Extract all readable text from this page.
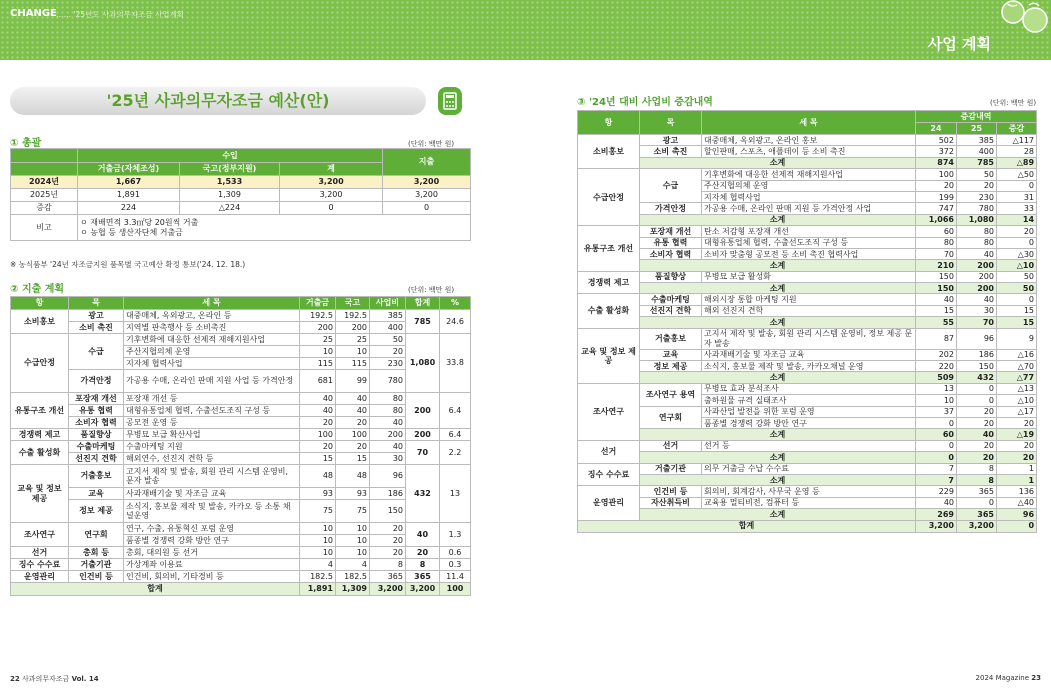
CHANGE …… '25년도 사과의무자조금 사업계획
사업 계획
'25년 사과의무자조금 예산(안)
① 총괄	(단위: 백만 원)
	수입			지출
	거출금(자체조성)	국고(정부지원)	계	
2024년	1,667	1,533	3,200	3,200
2025년	1,891	1,309	3,200	3,200
증감	224	△224	0	0
비고	ㅇ 재배면적 3.3㎡당 20원씩 거출
ㅇ 농협 등 생산자단체 거출금			
※ 농식품부 '24년 자조금지원 품목별 국고예산 확정 통보('24. 12. 18.)
② 지출 계획	(단위: 백만 원)
항	목	세 목	거출금	국고	사업비	합계	%
소비홍보	광고	대중매체, 옥외광고, 온라인 등	192.5	192.5	385	785	24.6
	소비 촉진	지역별 판촉행사 등 소비촉진	200	200	400		
수급안정	수급	기후변화에 대응한 선제적 재해지원사업	25	25	50	1,080	33.8
		주산지협의체 운영	10	10	20		
		지자체 협력사업	115	115	230		
	가격안정	가공용 수매, 온라인 판매 지원 사업 등 가격안정	681	99	780		
유통구조 개선	포장재 개선	포장재 개선 등	40	40	80	200	6.4
	유통 협력	대형유통업체 협력, 수출선도조직 구성 등	40	40	80		
	소비자 협력	공모전 운영 등	20	20	40		
경쟁력 제고	품질향상	무병묘 보급 확산사업	100	100	200	200	6.4
수출 활성화	수출마케팅	수출마케팅 지원	20	20	40	70	2.2
	선진지 견학	해외연수, 선진지 견학 등	15	15	30		
교육 및 정보 제공	거출홍보	고지서 제작 및 발송, 회원 관리 시스템 운영비, 문자 발송	48	48	96	432	13
	교육	사과재배기술 및 자조금 교육	93	93	186		
	정보 제공	소식지, 홍보물 제작 및 발송, 카카오 등 소통 채널운영	75	75	150		
조사연구	연구회	연구, 수출, 유통혁신 포럼 운영	10	10	20	40	1.3
		품종별 경쟁력 강화 방안 연구	10	10	20		
선거	총회 등	총회, 대의원 등 선거	10	10	20	20	0.6
징수 수수료	거출기관	가상계좌 이용료	4	4	8	8	0.3
운영관리	인건비 등	인건비, 회의비, 기타경비 등	182.5	182.5	365	365	11.4
합계			1,891	1,309	3,200	3,200	100
③ '24년 대비 사업비 증감내역	(단위: 백만 원)
항	목	세 목	증감내역		
			24	25	증감
소비홍보	광고	대중매체, 옥외광고, 온라인 홍보	502	385	△117
	소비 촉진	할인판매, 스포츠, 애플데이 등 소비 촉진	372	400	28
	소계		874	785	△89
수급안정	수급	기후변화에 대응한 선제적 재해지원사업	100	50	△50
		주산지협의체 운영	20	20	0
		지자체 협력사업	199	230	31
	가격안정	가공용 수매, 온라인 판매 지원 등 가격안정 사업	747	780	33
	소계		1,066	1,080	14
유통구조 개선	포장재 개선	탄소 저감형 포장재 개선	60	80	20
	유통 협력	대형유통업체 협력, 수출선도조직 구성 등	80	80	0
	소비자 협력	소비자 맞춤형 공모전 등 소비 촉진 협력사업	70	40	△30
	소계		210	200	△10
경쟁력 제고	품질향상	무병묘 보급 활성화	150	200	50
	소계		150	200	50
수출 활성화	수출마케팅	해외시장 통합 마케팅 지원	40	40	0
	선진지 견학	해외 선진지 견학	15	30	15
	소계		55	70	15
교육 및 정보 제공	거출홍보	고지서 제작 및 발송, 회원 관리 시스템 운영비, 정보 제공 문자 발송	87	96	9
	교육	사과재배기술 및 자조금 교육	202	186	△16
	정보 제공	소식지, 홍보물 제작 및 발송, 카카오채널 운영	220	150	△70
	소계		509	432	△77
조사연구	조사연구 용역	무병묘 효과 분석조사	13	0	△13
		출하원물 규격 실태조사	10	0	△10
	연구회	사과산업 발전을 위한 포럼 운영	37	20	△17
		품종별 경쟁력 강화 방안 연구	0	20	20
	소계		60	40	△19
선거	선거	선거 등	0	20	20
	소계		0	20	20
징수 수수료	거출기관	의무 거출금 수납 수수료	7	8	1
	소계		7	8	1
운영관리	인건비 등	회의비, 회계감사, 사무국 운영 등	229	365	136
	자산취득비	교육용 멀티비전, 컴퓨터 등	40	0	△40
	소계		269	365	96
합계			3,200	3,200	0
22 사과의무자조금 Vol. 14	2024 Magazine 23
